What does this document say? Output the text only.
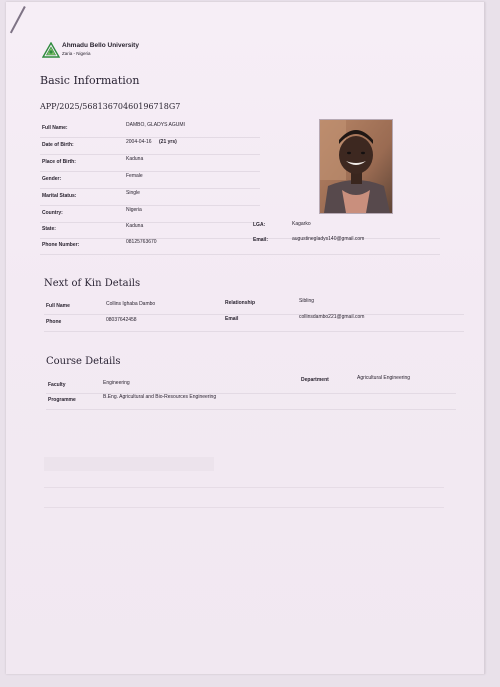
Ahmadu Bello University
Zaria - Nigeria
Basic Information
APP/2025/56813670460196718G7
Full Name:	DAMBO, GLADYS AGUMI
Date of Birth:	2004-04-16 (21 yrs)
Place of Birth:	Kaduna
Gender:	Female
Marital Status:	Single
Country:	Nigeria
State:	Kaduna	LGA:	Kagarko
Phone Number:	08125763670	Email:	augustinegladys140@gmail.com
Next of Kin Details
Full Name	Collins Ighaba Dambo	Relationship	Sibling
Phone	08037642458	Email	collinsdambo221@gmail.com
Course Details
Faculty	Engineering	Department	Agricultural Engineering
Programme	B.Eng. Agricultural and Bio-Resources Engineering
